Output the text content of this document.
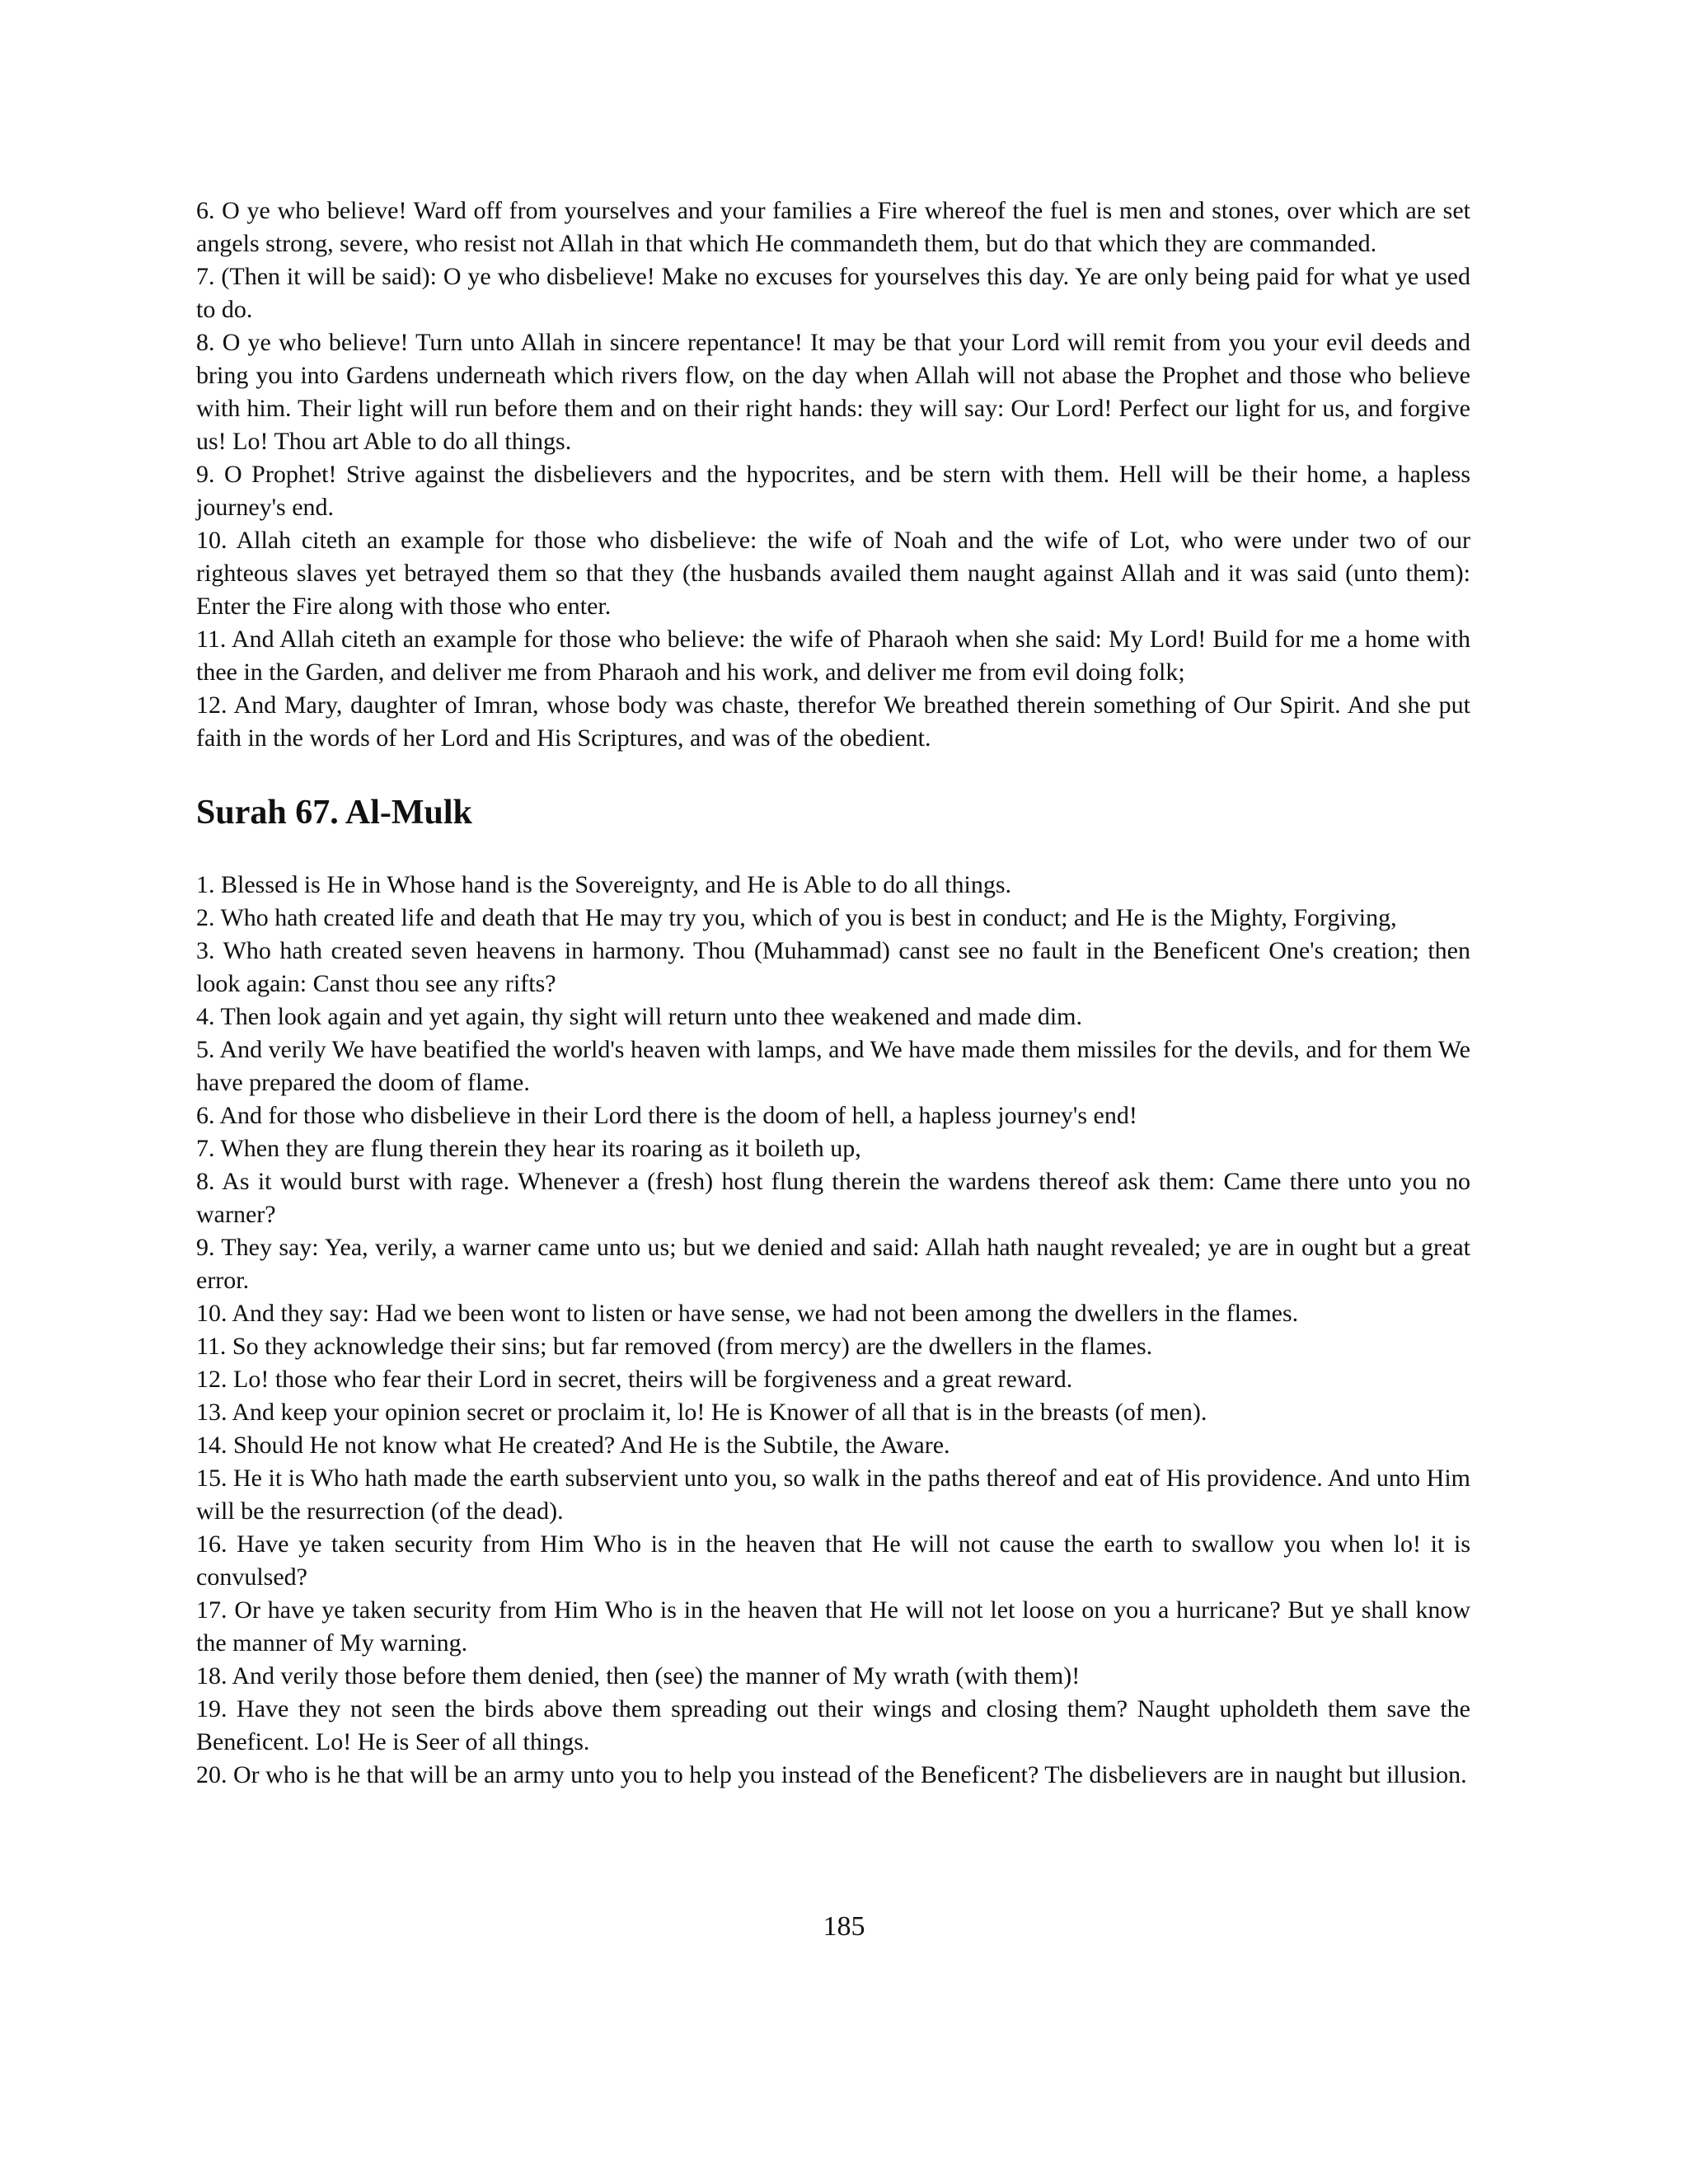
6. O ye who believe! Ward off from yourselves and your families a Fire whereof the fuel is men and stones, over which are set angels strong, severe, who resist not Allah in that which He commandeth them, but do that which they are commanded.

7. (Then it will be said): O ye who disbelieve! Make no excuses for yourselves this day. Ye are only being paid for what ye used to do.

8. O ye who believe! Turn unto Allah in sincere repentance! It may be that your Lord will remit from you your evil deeds and bring you into Gardens underneath which rivers flow, on the day when Allah will not abase the Prophet and those who believe with him. Their light will run before them and on their right hands: they will say: Our Lord! Perfect our light for us, and forgive us! Lo! Thou art Able to do all things.

9. O Prophet! Strive against the disbelievers and the hypocrites, and be stern with them. Hell will be their home, a hapless journey's end.

10. Allah citeth an example for those who disbelieve: the wife of Noah and the wife of Lot, who were under two of our righteous slaves yet betrayed them so that they (the husbands availed them naught against Allah and it was said (unto them): Enter the Fire along with those who enter.

11. And Allah citeth an example for those who believe: the wife of Pharaoh when she said: My Lord! Build for me a home with thee in the Garden, and deliver me from Pharaoh and his work, and deliver me from evil doing folk;

12. And Mary, daughter of Imran, whose body was chaste, therefor We breathed therein something of Our Spirit. And she put faith in the words of her Lord and His Scriptures, and was of the obedient.

Surah 67. Al-Mulk

1. Blessed is He in Whose hand is the Sovereignty, and He is Able to do all things.

2. Who hath created life and death that He may try you, which of you is best in conduct; and He is the Mighty, Forgiving,

3. Who hath created seven heavens in harmony. Thou (Muhammad) canst see no fault in the Beneficent One's creation; then look again: Canst thou see any rifts?

4. Then look again and yet again, thy sight will return unto thee weakened and made dim.

5. And verily We have beatified the world's heaven with lamps, and We have made them missiles for the devils, and for them We have prepared the doom of flame.

6. And for those who disbelieve in their Lord there is the doom of hell, a hapless journey's end!

7. When they are flung therein they hear its roaring as it boileth up,

8. As it would burst with rage. Whenever a (fresh) host flung therein the wardens thereof ask them: Came there unto you no warner?

9. They say: Yea, verily, a warner came unto us; but we denied and said: Allah hath naught revealed; ye are in ought but a great error.

10. And they say: Had we been wont to listen or have sense, we had not been among the dwellers in the flames.

11. So they acknowledge their sins; but far removed (from mercy) are the dwellers in the flames.

12. Lo! those who fear their Lord in secret, theirs will be forgiveness and a great reward.

13. And keep your opinion secret or proclaim it, lo! He is Knower of all that is in the breasts (of men).

14. Should He not know what He created? And He is the Subtile, the Aware.

15. He it is Who hath made the earth subservient unto you, so walk in the paths thereof and eat of His providence. And unto Him will be the resurrection (of the dead).

16. Have ye taken security from Him Who is in the heaven that He will not cause the earth to swallow you when lo! it is convulsed?

17. Or have ye taken security from Him Who is in the heaven that He will not let loose on you a hurricane? But ye shall know the manner of My warning.

18. And verily those before them denied, then (see) the manner of My wrath (with them)!

19. Have they not seen the birds above them spreading out their wings and closing them? Naught upholdeth them save the Beneficent. Lo! He is Seer of all things.

20. Or who is he that will be an army unto you to help you instead of the Beneficent? The disbelievers are in naught but illusion.

185
